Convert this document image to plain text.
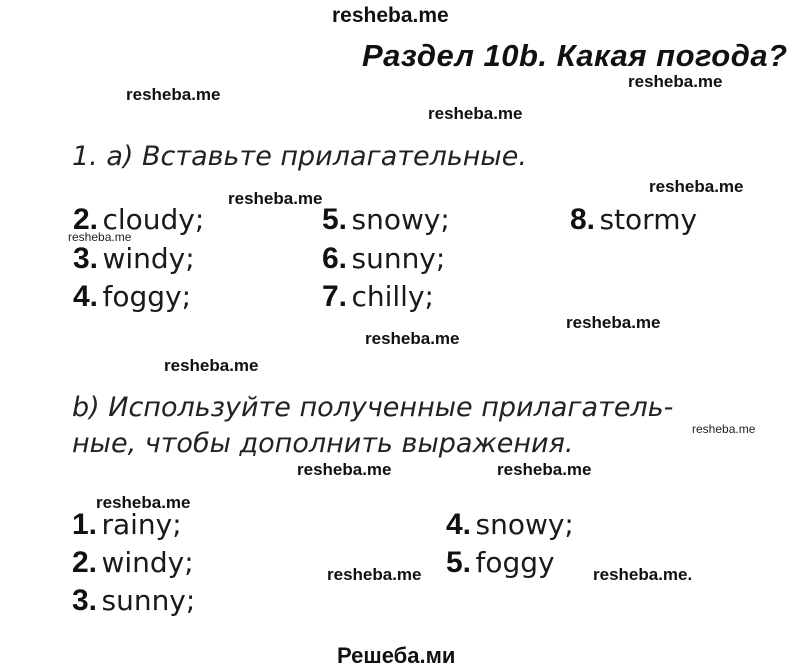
resheba.me
resheba.me
resheba.me
resheba.me
resheba.me
resheba.me
resheba.me
resheba.me
resheba.me
resheba.me
resheba.me
resheba.me	resheba.me
resheba.me
resheba.me	resheba.me.
Раздел 10b. Какая погода?
1. a) Вставьте прилагательные.
2. cloudy;
3. windy;
4. foggy;
5. snowy;
6. sunny;
7. chilly;
8. stormy
b) Используйте полученные прилагатель-
ные, чтобы дополнить выражения.
1. rainy;
2. windy;
3. sunny;
4. snowy;
5. foggy
Решеба.ми
